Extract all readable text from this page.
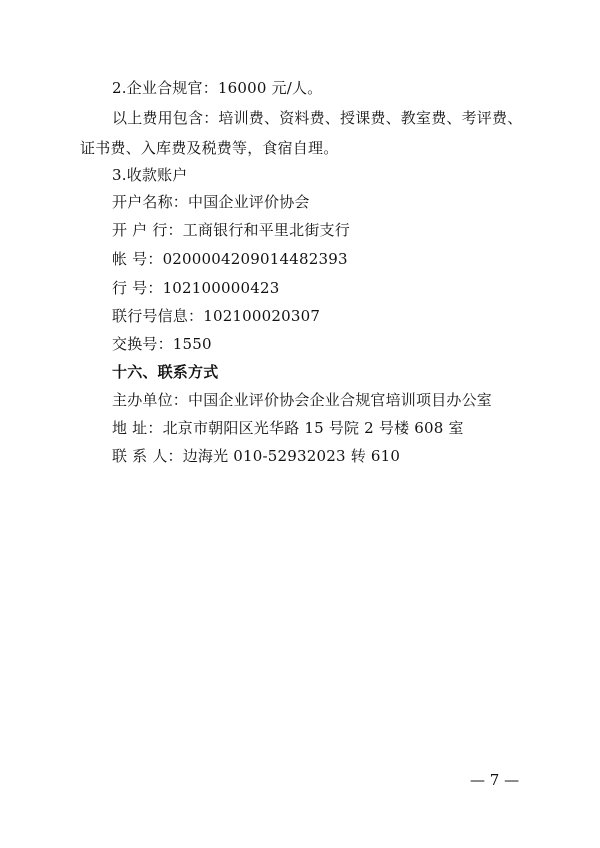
2.企业合规官：16000 元/人。
以上费用包含：培训费、资料费、授课费、教室费、考评费、
证书费、入库费及税费等，食宿自理。
3.收款账户
开户名称：中国企业评价协会
开 户 行：工商银行和平里北街支行
帐 号：0200004209014482393
行 号：102100000423
联行号信息：102100020307
交换号：1550
十六、联系方式
主办单位：中国企业评价协会企业合规官培训项目办公室
地 址：北京市朝阳区光华路 15 号院 2 号楼 608 室
联 系 人：边海光 010-52932023 转 610
— 7 —
